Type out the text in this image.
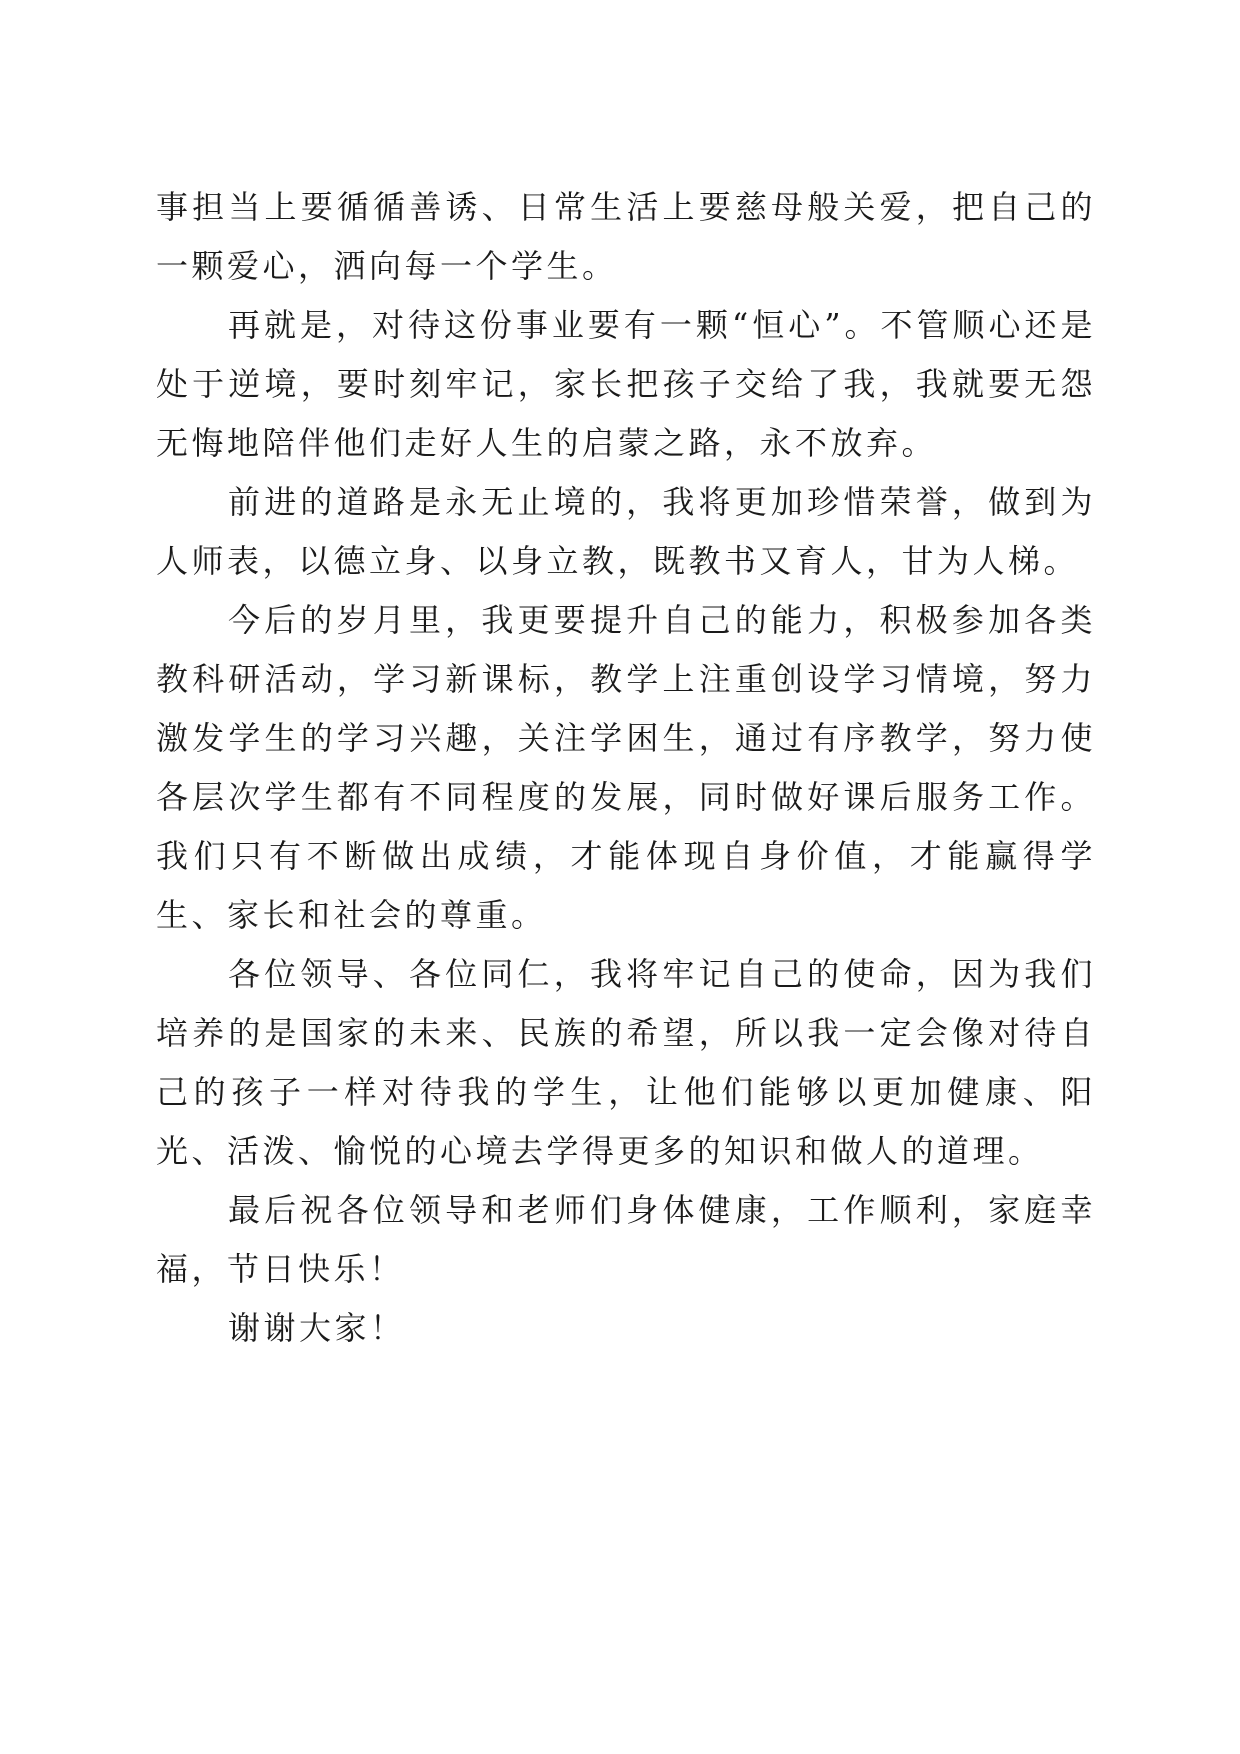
事担当上要循循善诱、日常生活上要慈母般关爱，把自己的一颗爱心，洒向每一个学生。

再就是，对待这份事业要有一颗“恒心”。不管顺心还是处于逆境，要时刻牢记，家长把孩子交给了我，我就要无怨无悔地陪伴他们走好人生的启蒙之路，永不放弃。

前进的道路是永无止境的，我将更加珍惜荣誉，做到为人师表，以德立身、以身立教，既教书又育人，甘为人梯。

今后的岁月里，我更要提升自己的能力，积极参加各类教科研活动，学习新课标，教学上注重创设学习情境，努力激发学生的学习兴趣，关注学困生，通过有序教学，努力使各层次学生都有不同程度的发展，同时做好课后服务工作。我们只有不断做出成绩，才能体现自身价值，才能赢得学生、家长和社会的尊重。

各位领导、各位同仁，我将牢记自己的使命，因为我们培养的是国家的未来、民族的希望，所以我一定会像对待自己的孩子一样对待我的学生，让他们能够以更加健康、阳光、活泼、愉悦的心境去学得更多的知识和做人的道理。

最后祝各位领导和老师们身体健康，工作顺利，家庭幸福，节日快乐！

谢谢大家！
